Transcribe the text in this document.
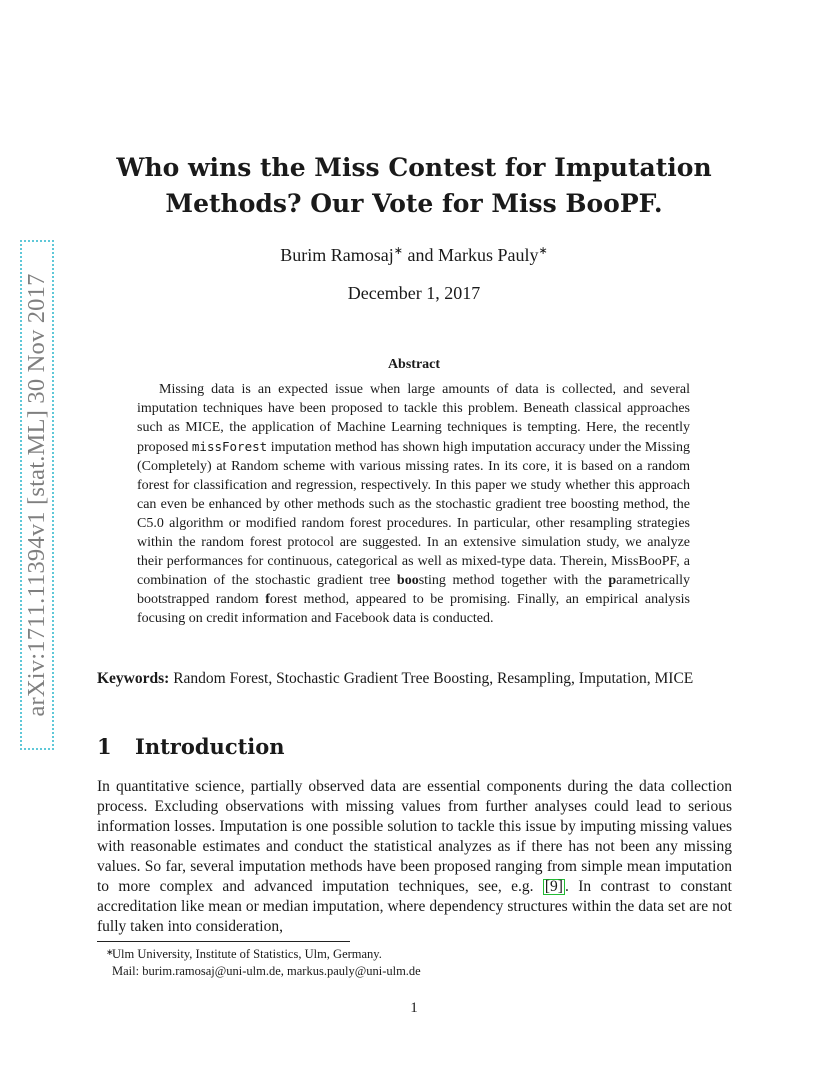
arXiv:1711.11394v1 [stat.ML] 30 Nov 2017
Who wins the Miss Contest for Imputation
Methods? Our Vote for Miss BooPF.
Burim Ramosaj∗ and Markus Pauly∗
December 1, 2017
Abstract
Missing data is an expected issue when large amounts of data is collected, and several imputation techniques have been proposed to tackle this problem. Beneath classical approaches such as MICE, the application of Machine Learning techniques is tempting. Here, the recently proposed missForest imputation method has shown high imputation accuracy under the Missing (Completely) at Random scheme with various missing rates. In its core, it is based on a random forest for classification and regression, respectively. In this paper we study whether this approach can even be enhanced by other methods such as the stochastic gradient tree boosting method, the C5.0 algorithm or modified random forest procedures. In particular, other resampling strategies within the random forest protocol are suggested. In an extensive simulation study, we analyze their performances for continuous, categorical as well as mixed-type data. Therein, MissBooPF, a combination of the stochastic gradient tree boosting method together with the parametrically bootstrapped random forest method, appeared to be promising. Finally, an empirical analysis focusing on credit information and Facebook data is conducted.
Keywords: Random Forest, Stochastic Gradient Tree Boosting, Resampling, Imputation, MICE
1 Introduction
In quantitative science, partially observed data are essential components during the data collection process. Excluding observations with missing values from further analyses could lead to serious information losses. Imputation is one possible solution to tackle this issue by imputing missing values with reasonable estimates and conduct the statistical analyzes as if there has not been any missing values. So far, several imputation methods have been proposed ranging from simple mean imputation to more complex and advanced imputation techniques, see, e.g. [9] . In contrast to constant accreditation like mean or median imputation, where dependency structures within the data set are not fully taken into consideration,
∗
Ulm University, Institute of Statistics, Ulm, Germany.
Mail: burim.ramosaj@uni-ulm.de, markus.pauly@uni-ulm.de
1
